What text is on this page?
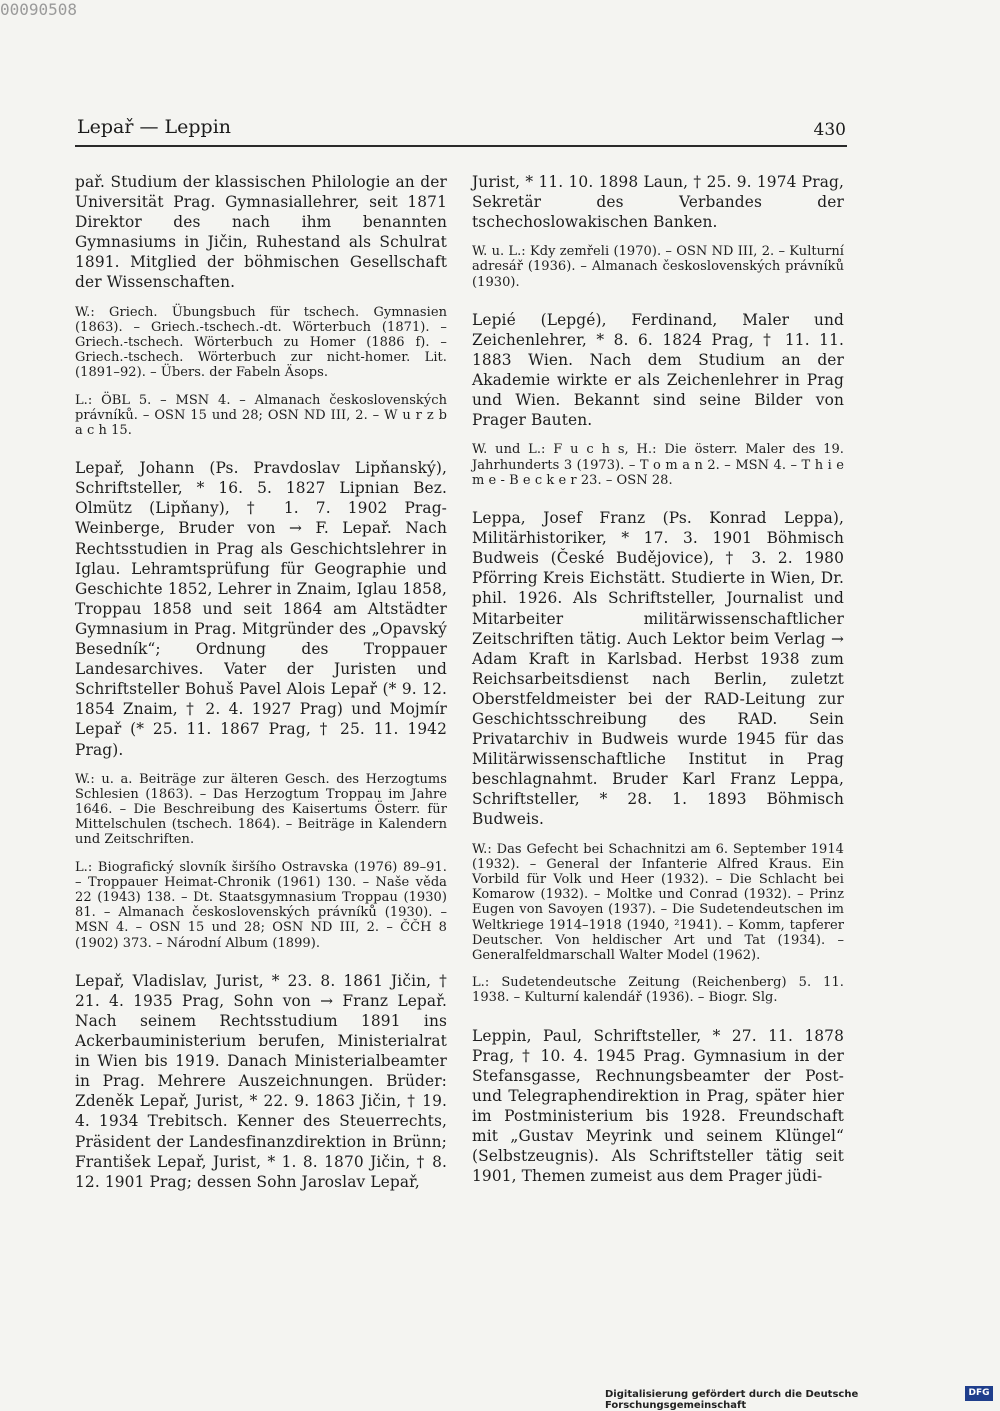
00090508
Lepař — Leppin	430

pař. Studium der klassischen Philologie an der Universität Prag. Gymnasiallehrer, seit 1871 Direktor des nach ihm benannten Gymnasiums in Jičin, Ruhestand als Schulrat 1891. Mitglied der böhmischen Gesellschaft der Wissenschaften.

W.: Griech. Übungsbuch für tschech. Gymnasien (1863). – Griech.-tschech.-dt. Wörterbuch (1871). – Griech.-tschech. Wörterbuch zu Homer (1886 f). – Griech.-tschech. Wörterbuch zur nicht-homer. Lit. (1891–92). – Übers. der Fabeln Äsops.

L.: ÖBL 5. – MSN 4. – Almanach československých právníků. – OSN 15 und 28; OSN ND III, 2. – W u r z b a c h 15.

Lepař, Johann (Ps. Pravdoslav Lipňanský), Schriftsteller, * 16. 5. 1827 Lipnian Bez. Olmütz (Lipňany), † 1. 7. 1902 Prag-Weinberge, Bruder von → F. Lepař. Nach Rechtsstudien in Prag als Geschichtslehrer in Iglau. Lehramtsprüfung für Geographie und Geschichte 1852, Lehrer in Znaim, Iglau 1858, Troppau 1858 und seit 1864 am Altstädter Gymnasium in Prag. Mitgründer des „Opavský Besedník“; Ordnung des Troppauer Landesarchives. Vater der Juristen und Schriftsteller Bohuš Pavel Alois Lepař (* 9. 12. 1854 Znaim, † 2. 4. 1927 Prag) und Mojmír Lepař (* 25. 11. 1867 Prag, † 25. 11. 1942 Prag).

W.: u. a. Beiträge zur älteren Gesch. des Herzogtums Schlesien (1863). – Das Herzogtum Troppau im Jahre 1646. – Die Beschreibung des Kaisertums Österr. für Mittelschulen (tschech. 1864). – Beiträge in Kalendern und Zeitschriften.

L.: Biografický slovník širšího Ostravska (1976) 89–91. – Troppauer Heimat-Chronik (1961) 130. – Naše věda 22 (1943) 138. – Dt. Staatsgymnasium Troppau (1930) 81. – Almanach československých právníků (1930). – MSN 4. – OSN 15 und 28; OSN ND III, 2. – ČČH 8 (1902) 373. – Národní Album (1899).

Lepař, Vladislav, Jurist, * 23. 8. 1861 Jičin, † 21. 4. 1935 Prag, Sohn von → Franz Lepař. Nach seinem Rechtsstudium 1891 ins Ackerbauministerium berufen, Ministerialrat in Wien bis 1919. Danach Ministerialbeamter in Prag. Mehrere Auszeichnungen. Brüder: Zdeněk Lepař, Jurist, * 22. 9. 1863 Jičin, † 19. 4. 1934 Trebitsch. Kenner des Steuerrechts, Präsident der Landesfinanzdirektion in Brünn; František Lepař, Jurist, * 1. 8. 1870 Jičin, † 8. 12. 1901 Prag; dessen Sohn Jaroslav Lepař,

Jurist, * 11. 10. 1898 Laun, † 25. 9. 1974 Prag, Sekretär des Verbandes der tschechoslowakischen Banken.

W. u. L.: Kdy zemřeli (1970). – OSN ND III, 2. – Kulturní adresář (1936). – Almanach československých právníků (1930).

Lepié (Lepgé), Ferdinand, Maler und Zeichenlehrer, * 8. 6. 1824 Prag, † 11. 11. 1883 Wien. Nach dem Studium an der Akademie wirkte er als Zeichenlehrer in Prag und Wien. Bekannt sind seine Bilder von Prager Bauten.

W. und L.: F u c h s, H.: Die österr. Maler des 19. Jahrhunderts 3 (1973). – T o m a n 2. – MSN 4. – T h i e m e - B e c k e r 23. – OSN 28.

Leppa, Josef Franz (Ps. Konrad Leppa), Militärhistoriker, * 17. 3. 1901 Böhmisch Budweis (České Budějovice), † 3. 2. 1980 Pförring Kreis Eichstätt. Studierte in Wien, Dr. phil. 1926. Als Schriftsteller, Journalist und Mitarbeiter militärwissenschaftlicher Zeitschriften tätig. Auch Lektor beim Verlag → Adam Kraft in Karlsbad. Herbst 1938 zum Reichsarbeitsdienst nach Berlin, zuletzt Oberstfeldmeister bei der RAD-Leitung zur Geschichtsschreibung des RAD. Sein Privatarchiv in Budweis wurde 1945 für das Militärwissenschaftliche Institut in Prag beschlagnahmt. Bruder Karl Franz Leppa, Schriftsteller, * 28. 1. 1893 Böhmisch Budweis.

W.: Das Gefecht bei Schachnitzi am 6. September 1914 (1932). – General der Infanterie Alfred Kraus. Ein Vorbild für Volk und Heer (1932). – Die Schlacht bei Komarow (1932). – Moltke und Conrad (1932). – Prinz Eugen von Savoyen (1937). – Die Sudetendeutschen im Weltkriege 1914–1918 (1940, ²1941). – Komm, tapferer Deutscher. Von heldischer Art und Tat (1934). – Generalfeldmarschall Walter Model (1962).

L.: Sudetendeutsche Zeitung (Reichenberg) 5. 11. 1938. – Kulturní kalendář (1936). – Biogr. Slg.

Leppin, Paul, Schriftsteller, * 27. 11. 1878 Prag, † 10. 4. 1945 Prag. Gymnasium in der Stefansgasse, Rechnungsbeamter der Post- und Telegraphendirektion in Prag, später hier im Postministerium bis 1928. Freundschaft mit „Gustav Meyrink und seinem Klüngel“ (Selbstzeugnis). Als Schriftsteller tätig seit 1901, Themen zumeist aus dem Prager jüdi-

Digitalisierung gefördert durch die Deutsche Forschungsgemeinschaft
DFG
